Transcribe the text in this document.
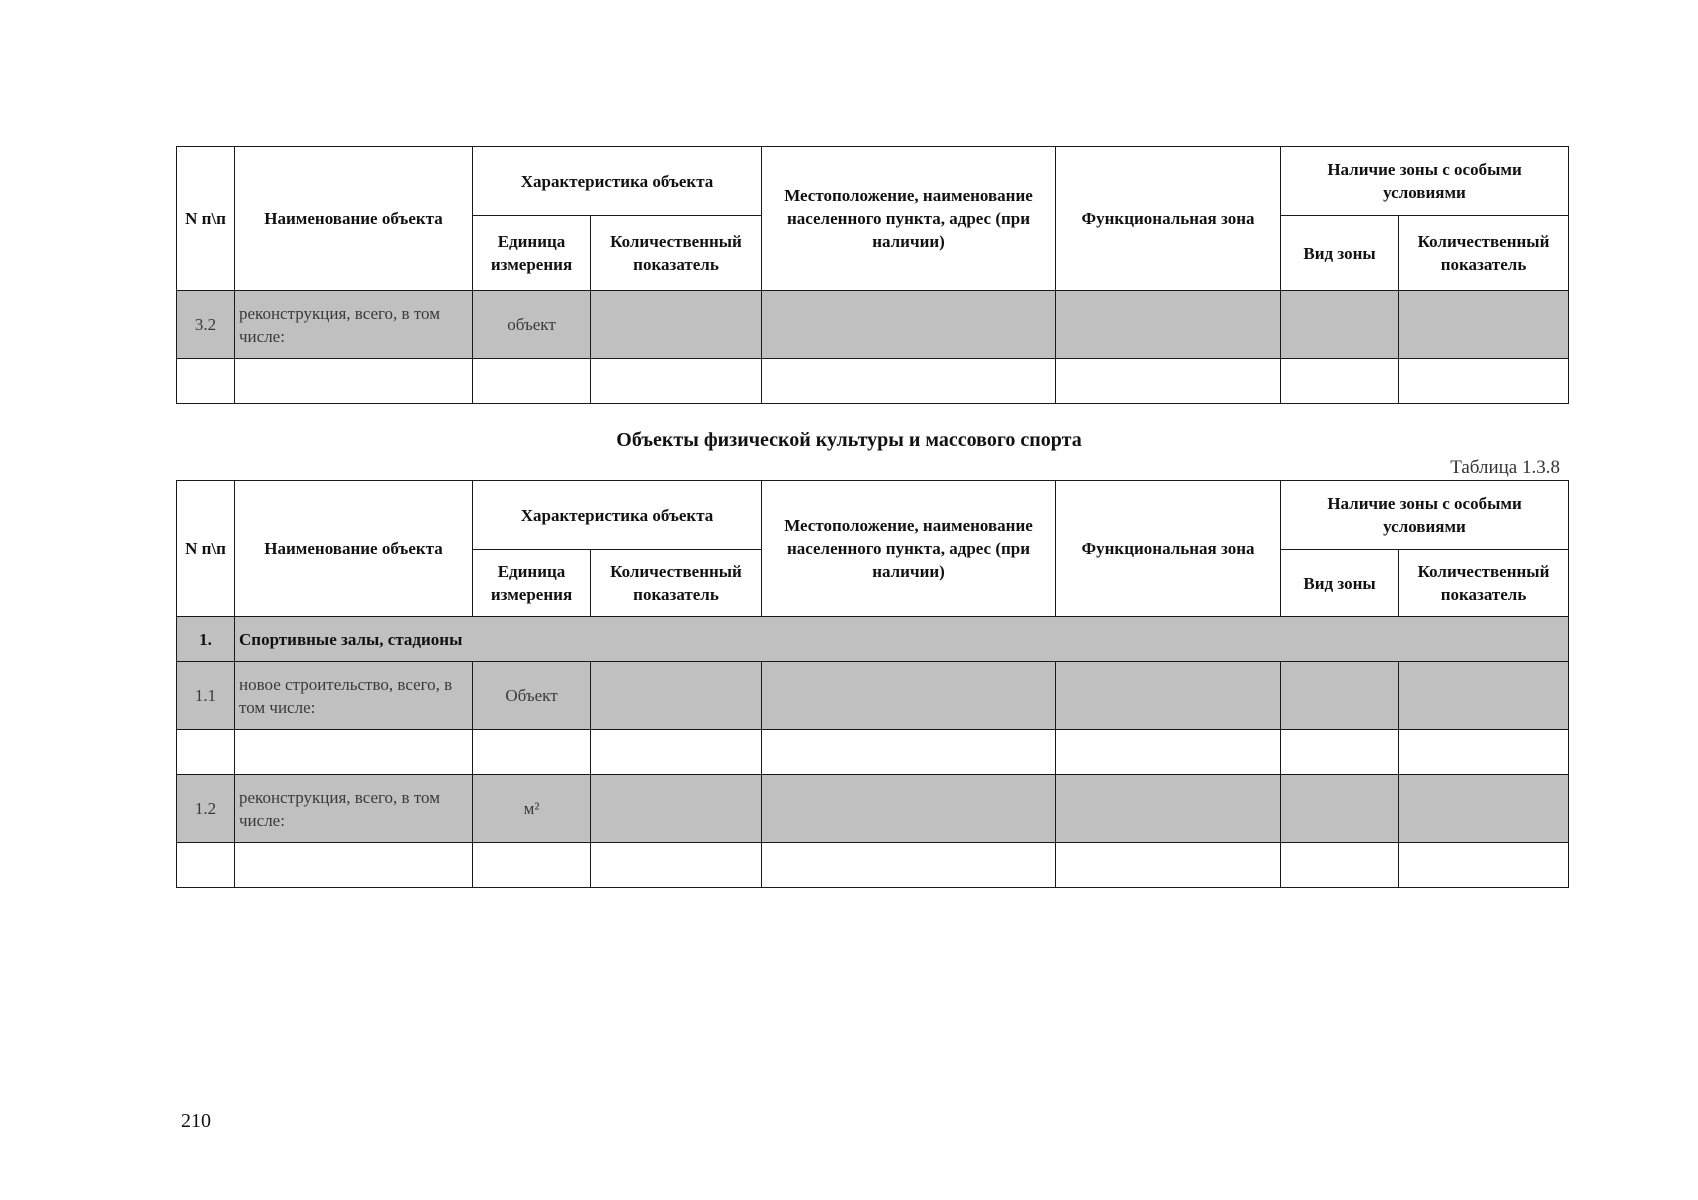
N п\п	Наименование объекта	Характеристика объекта		Местоположение, наименование населенного пункта, адрес (при наличии)	Функциональная зона	Наличие зоны с особыми условиями	
		Единица измерения	Количественный показатель			Вид зоны	Количественный показатель
3.2	реконструкция, всего, в том числе:	объект					

Объекты физической культуры и массового спорта
Таблица 1.3.8
N п\п	Наименование объекта	Характеристика объекта		Местоположение, наименование населенного пункта, адрес (при наличии)	Функциональная зона	Наличие зоны с особыми условиями	
		Единица измерения	Количественный показатель			Вид зоны	Количественный показатель
1.	Спортивные залы, стадионы						
1.1	новое строительство, всего, в том числе:	Объект					

1.2	реконструкция, всего, в том числе:	м²					

210
